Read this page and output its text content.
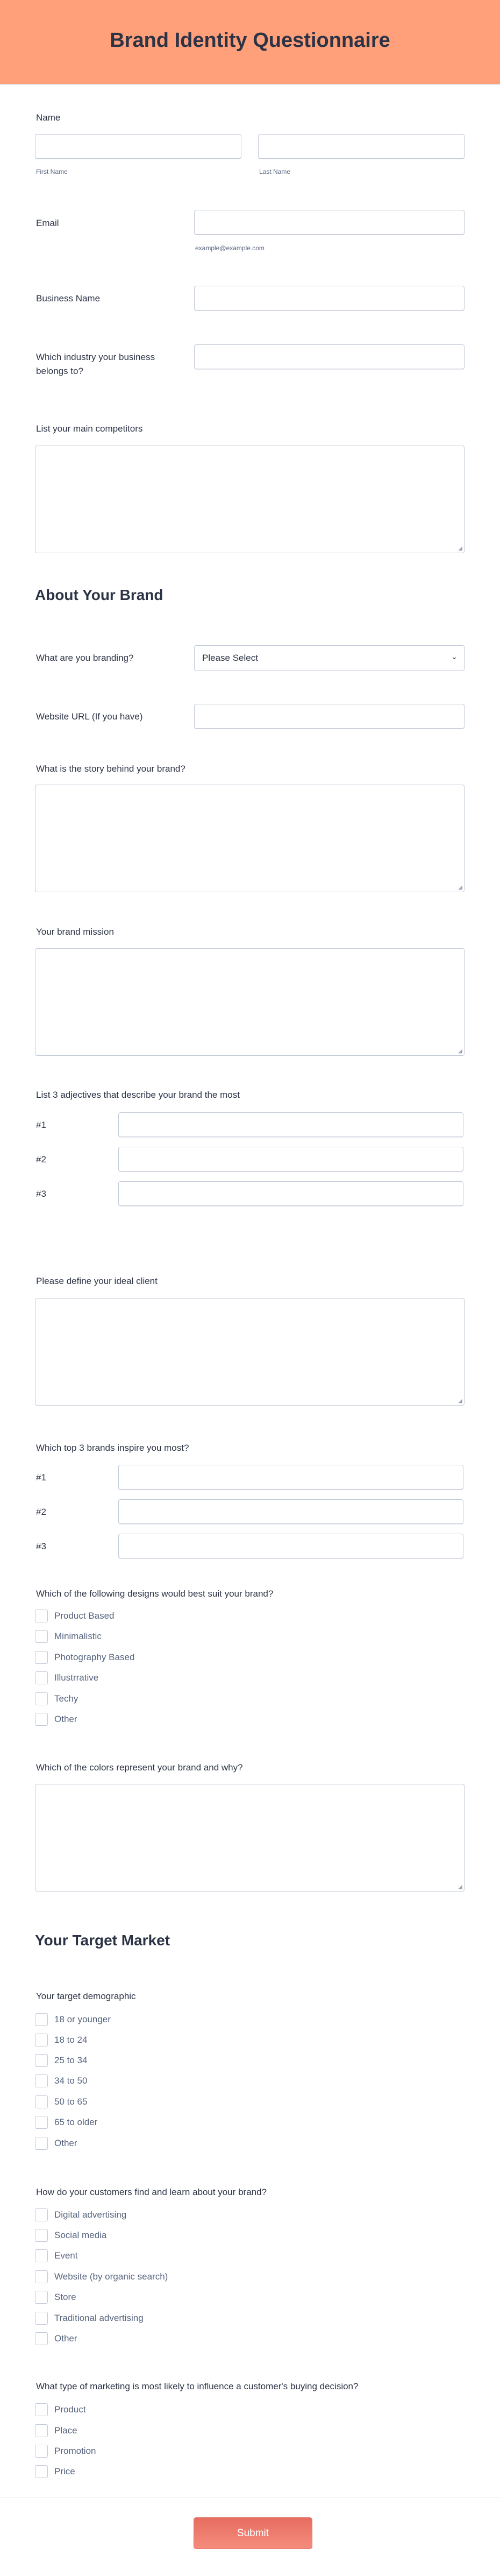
Brand Identity Questionnaire
Name
First Name	Last Name
Email
example@example.com
Business Name
Which industry your business
belongs to?
List your main competitors
◢
About Your Brand
What are you branding?	Please Select	⌄
Website URL (If you have)
What is the story behind your brand?
◢
Your brand mission
◢
List 3 adjectives that describe your brand the most
#1
#2
#3
Please define your ideal client
◢
Which top 3 brands inspire you most?
#1
#2
#3
Which of the following designs would best suit your brand?
Product Based
Minimalistic
Photography Based
Illustrrative
Techy
Other
Which of the colors represent your brand and why?
◢
Your Target Market
Your target demographic
18 or younger
18 to 24
25 to 34
34 to 50
50 to 65
65 to older
Other
How do your customers find and learn about your brand?
Digital advertising
Social media
Event
Website (by organic search)
Store
Traditional advertising
Other
What type of marketing is most likely to influence a customer's buying decision?
Product
Place
Promotion
Price
Submit
